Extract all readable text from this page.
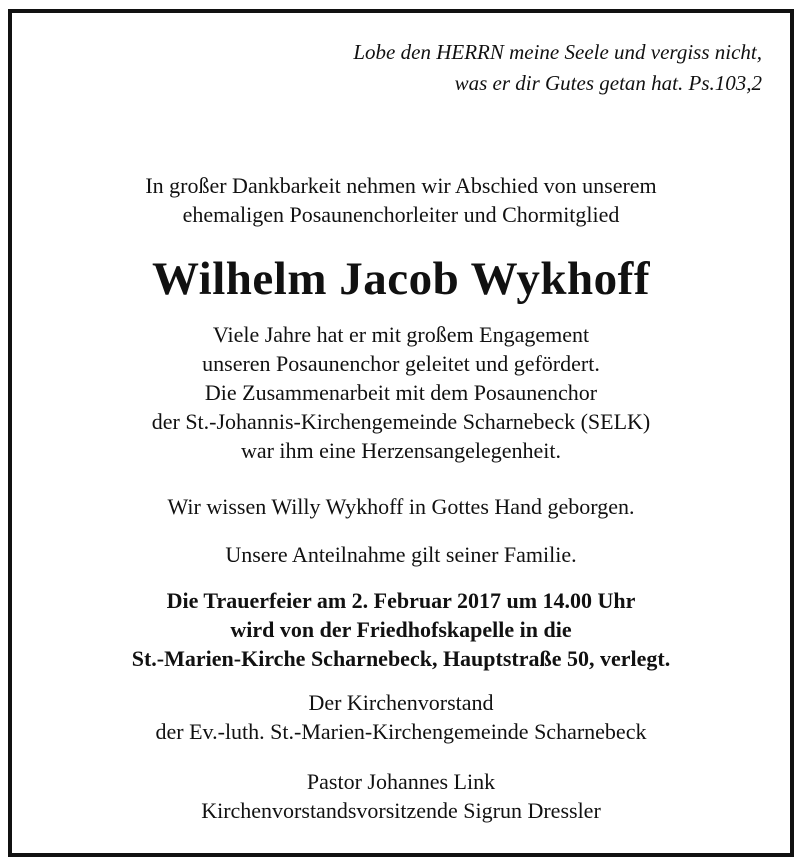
Lobe den HERRN meine Seele und vergiss nicht,
was er dir Gutes getan hat. Ps.103,2
In großer Dankbarkeit nehmen wir Abschied von unserem
ehemaligen Posaunenchorleiter und Chormitglied
Wilhelm Jacob Wykhoff
Viele Jahre hat er mit großem Engagement
unseren Posaunenchor geleitet und gefördert.
Die Zusammenarbeit mit dem Posaunenchor
der St.-Johannis-Kirchengemeinde Scharnebeck (SELK)
war ihm eine Herzensangelegenheit.
Wir wissen Willy Wykhoff in Gottes Hand geborgen.
Unsere Anteilnahme gilt seiner Familie.
Die Trauerfeier am 2. Februar 2017 um 14.00 Uhr
wird von der Friedhofskapelle in die
St.-Marien-Kirche Scharnebeck, Hauptstraße 50, verlegt.
Der Kirchenvorstand
der Ev.-luth. St.-Marien-Kirchengemeinde Scharnebeck
Pastor Johannes Link
Kirchenvorstandsvorsitzende Sigrun Dressler
